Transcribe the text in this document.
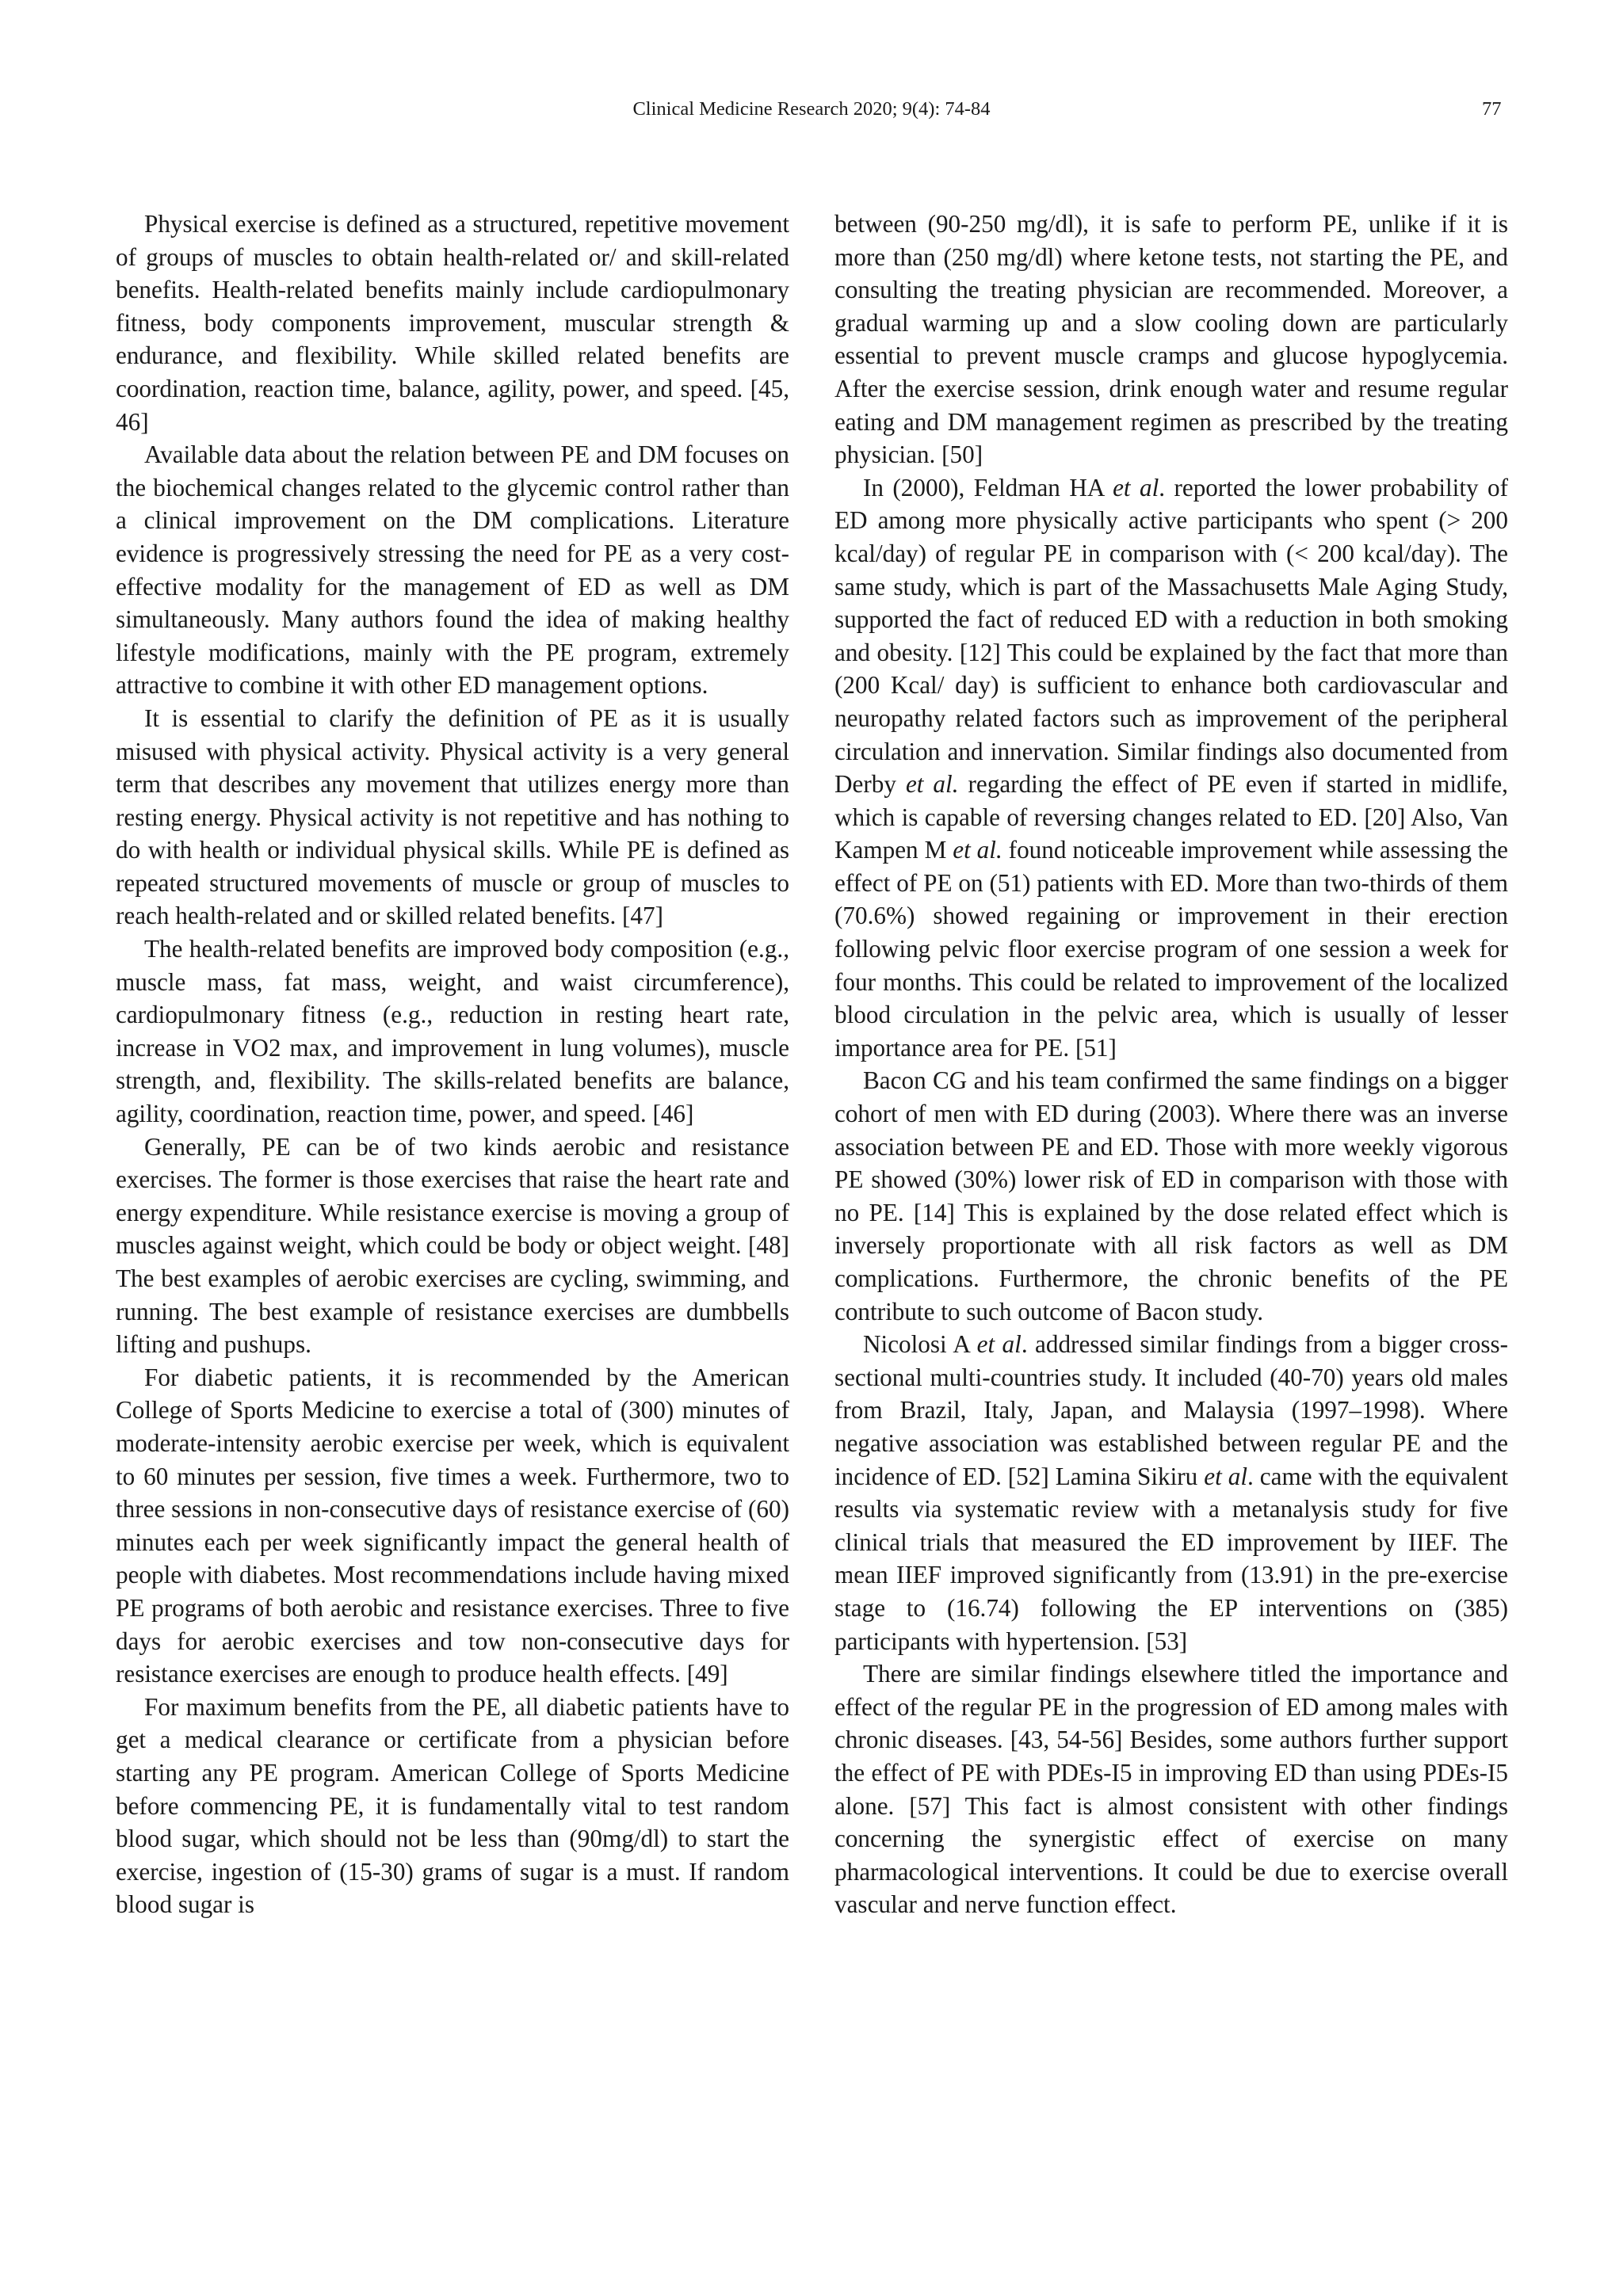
Clinical Medicine Research 2020; 9(4): 74-84	77

Physical exercise is defined as a structured, repetitive movement of groups of muscles to obtain health-related or/ and skill-related benefits. Health-related benefits mainly include cardiopulmonary fitness, body components improvement, muscular strength & endurance, and flexibility. While skilled related benefits are coordination, reaction time, balance, agility, power, and speed. [45, 46]

Available data about the relation between PE and DM focuses on the biochemical changes related to the glycemic control rather than a clinical improvement on the DM complications. Literature evidence is progressively stressing the need for PE as a very cost-effective modality for the management of ED as well as DM simultaneously. Many authors found the idea of making healthy lifestyle modifications, mainly with the PE program, extremely attractive to combine it with other ED management options.

It is essential to clarify the definition of PE as it is usually misused with physical activity. Physical activity is a very general term that describes any movement that utilizes energy more than resting energy. Physical activity is not repetitive and has nothing to do with health or individual physical skills. While PE is defined as repeated structured movements of muscle or group of muscles to reach health-related and or skilled related benefits. [47]

The health-related benefits are improved body composition (e.g., muscle mass, fat mass, weight, and waist circumference), cardiopulmonary fitness (e.g., reduction in resting heart rate, increase in VO2 max, and improvement in lung volumes), muscle strength, and, flexibility. The skills-related benefits are balance, agility, coordination, reaction time, power, and speed. [46]

Generally, PE can be of two kinds aerobic and resistance exercises. The former is those exercises that raise the heart rate and energy expenditure. While resistance exercise is moving a group of muscles against weight, which could be body or object weight. [48] The best examples of aerobic exercises are cycling, swimming, and running. The best example of resistance exercises are dumbbells lifting and pushups.

For diabetic patients, it is recommended by the American College of Sports Medicine to exercise a total of (300) minutes of moderate-intensity aerobic exercise per week, which is equivalent to 60 minutes per session, five times a week. Furthermore, two to three sessions in non-consecutive days of resistance exercise of (60) minutes each per week significantly impact the general health of people with diabetes. Most recommendations include having mixed PE programs of both aerobic and resistance exercises. Three to five days for aerobic exercises and tow non-consecutive days for resistance exercises are enough to produce health effects. [49]

For maximum benefits from the PE, all diabetic patients have to get a medical clearance or certificate from a physician before starting any PE program. American College of Sports Medicine before commencing PE, it is fundamentally vital to test random blood sugar, which should not be less than (90mg/dl) to start the exercise, ingestion of (15-30) grams of sugar is a must. If random blood sugar is

between (90-250 mg/dl), it is safe to perform PE, unlike if it is more than (250 mg/dl) where ketone tests, not starting the PE, and consulting the treating physician are recommended. Moreover, a gradual warming up and a slow cooling down are particularly essential to prevent muscle cramps and glucose hypoglycemia. After the exercise session, drink enough water and resume regular eating and DM management regimen as prescribed by the treating physician. [50]

In (2000), Feldman HA et al. reported the lower probability of ED among more physically active participants who spent (> 200 kcal/day) of regular PE in comparison with (< 200 kcal/day). The same study, which is part of the Massachusetts Male Aging Study, supported the fact of reduced ED with a reduction in both smoking and obesity. [12] This could be explained by the fact that more than (200 Kcal/ day) is sufficient to enhance both cardiovascular and neuropathy related factors such as improvement of the peripheral circulation and innervation. Similar findings also documented from Derby et al. regarding the effect of PE even if started in midlife, which is capable of reversing changes related to ED. [20] Also, Van Kampen M et al. found noticeable improvement while assessing the effect of PE on (51) patients with ED. More than two-thirds of them (70.6%) showed regaining or improvement in their erection following pelvic floor exercise program of one session a week for four months. This could be related to improvement of the localized blood circulation in the pelvic area, which is usually of lesser importance area for PE. [51]

Bacon CG and his team confirmed the same findings on a bigger cohort of men with ED during (2003). Where there was an inverse association between PE and ED. Those with more weekly vigorous PE showed (30%) lower risk of ED in comparison with those with no PE. [14] This is explained by the dose related effect which is inversely proportionate with all risk factors as well as DM complications. Furthermore, the chronic benefits of the PE contribute to such outcome of Bacon study.

Nicolosi A et al. addressed similar findings from a bigger cross-sectional multi-countries study. It included (40-70) years old males from Brazil, Italy, Japan, and Malaysia (1997–1998). Where negative association was established between regular PE and the incidence of ED. [52] Lamina Sikiru et al. came with the equivalent results via systematic review with a metanalysis study for five clinical trials that measured the ED improvement by IIEF. The mean IIEF improved significantly from (13.91) in the pre-exercise stage to (16.74) following the EP interventions on (385) participants with hypertension. [53]

There are similar findings elsewhere titled the importance and effect of the regular PE in the progression of ED among males with chronic diseases. [43, 54-56] Besides, some authors further support the effect of PE with PDEs-I5 in improving ED than using PDEs-I5 alone. [57] This fact is almost consistent with other findings concerning the synergistic effect of exercise on many pharmacological interventions. It could be due to exercise overall vascular and nerve function effect.
